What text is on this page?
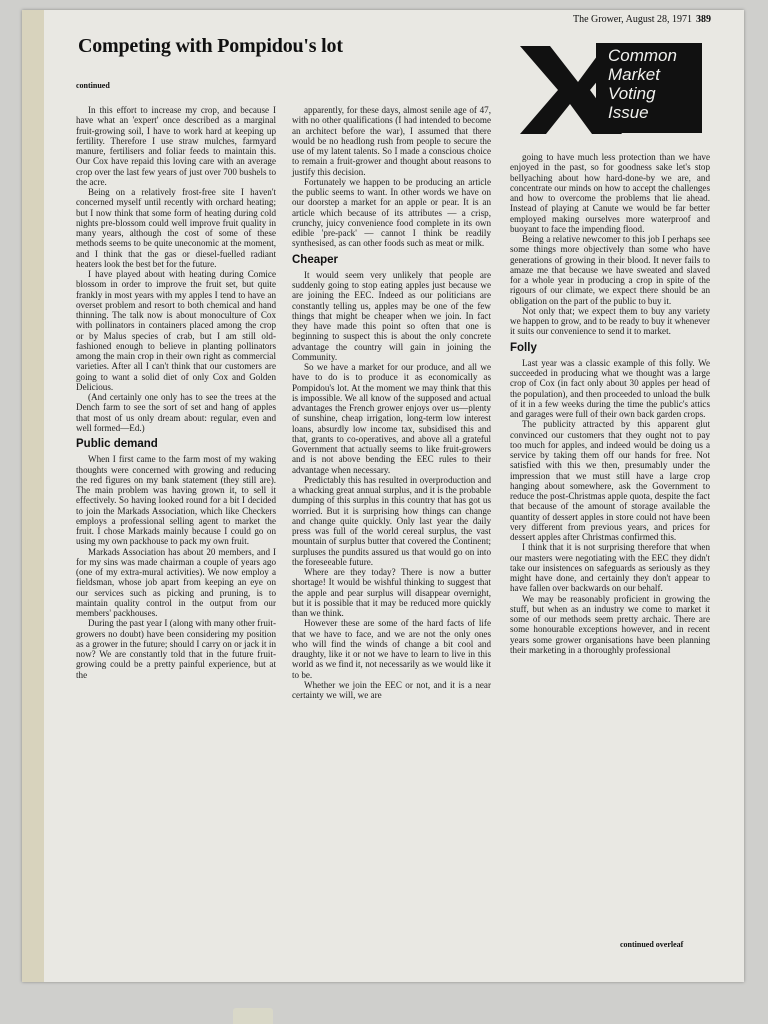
The Grower, August 28, 1971 389
Competing with Pompidou's lot
continued
Common
Market
Voting
Issue

In this effort to increase my crop, and because I have what an 'expert' once described as a marginal fruit-growing soil, I have to work hard at keeping up fertility. Therefore I use straw mulches, farmyard manure, fertilisers and foliar feeds to maintain this. Our Cox have repaid this loving care with an average crop over the last few years of just over 700 bushels to the acre.

Being on a relatively frost-free site I haven't concerned myself until recently with orchard heating; but I now think that some form of heating during cold nights pre-blossom could well improve fruit quality in many years, although the cost of some of these methods seems to be quite uneconomic at the moment, and I think that the gas or diesel-fuelled radiant heaters look the best bet for the future.

I have played about with heating during Comice blossom in order to improve the fruit set, but quite frankly in most years with my apples I tend to have an overset problem and resort to both chemical and hand thinning. The talk now is about monoculture of Cox with pollinators in containers placed among the crop or by Malus species of crab, but I am still old-fashioned enough to believe in planting pollinators among the main crop in their own right as commercial varieties. After all I can't think that our customers are going to want a solid diet of only Cox and Golden Delicious.

(And certainly one only has to see the trees at the Dench farm to see the sort of set and hang of apples that most of us only dream about: regular, even and well formed—Ed.)

Public demand

When I first came to the farm most of my waking thoughts were concerned with growing and reducing the red figures on my bank statement (they still are). The main problem was having grown it, to sell it effectively. So having looked round for a bit I decided to join the Markads Association, which like Checkers employs a professional selling agent to market the fruit. I chose Markads mainly because I could go on using my own packhouse to pack my own fruit.

Markads Association has about 20 members, and I for my sins was made chairman a couple of years ago (one of my extra-mural activities). We now employ a fieldsman, whose job apart from keeping an eye on our services such as picking and pruning, is to maintain quality control in the output from our members' packhouses.

During the past year I (along with many other fruit-growers no doubt) have been considering my position as a grower in the future; should I carry on or jack it in now? We are constantly told that in the future fruit-growing could be a pretty painful experience, but at the

apparently, for these days, almost senile age of 47, with no other qualifications (I had intended to become an architect before the war), I assumed that there would be no headlong rush from people to secure the use of my latent talents. So I made a conscious choice to remain a fruit-grower and thought about reasons to justify this decision.

Fortunately we happen to be producing an article the public seems to want. In other words we have on our doorstep a market for an apple or pear. It is an article which because of its attributes — a crisp, crunchy, juicy convenience food complete in its own edible 'pre-pack' — cannot I think be readily synthesised, as can other foods such as meat or milk.

Cheaper

It would seem very unlikely that people are suddenly going to stop eating apples just because we are joining the EEC. Indeed as our politicians are constantly telling us, apples may be one of the few things that might be cheaper when we join. In fact they have made this point so often that one is beginning to suspect this is about the only concrete advantage the country will gain in joining the Community.

So we have a market for our produce, and all we have to do is to produce it as economically as Pompidou's lot. At the moment we may think that this is impossible. We all know of the supposed and actual advantages the French grower enjoys over us—plenty of sunshine, cheap irrigation, long-term low interest loans, absurdly low income tax, subsidised this and that, grants to co-operatives, and above all a grateful Government that actually seems to like fruit-growers and is not above bending the EEC rules to their advantage when necessary.

Predictably this has resulted in overproduction and a whacking great annual surplus, and it is the probable dumping of this surplus in this country that has got us worried. But it is surprising how things can change and change quite quickly. Only last year the daily press was full of the world cereal surplus, the vast mountain of surplus butter that covered the Continent; surpluses the pundits assured us that would go on into the foreseeable future.

Where are they today? There is now a butter shortage! It would be wishful thinking to suggest that the apple and pear surplus will disappear overnight, but it is possible that it may be reduced more quickly than we think.

However these are some of the hard facts of life that we have to face, and we are not the only ones who will find the winds of change a bit cool and draughty, like it or not we have to learn to live in this world as we find it, not necessarily as we would like it to be.

Whether we join the EEC or not, and it is a near certainty we will, we are

going to have much less protection than we have enjoyed in the past, so for goodness sake let's stop bellyaching about how hard-done-by we are, and concentrate our minds on how to accept the challenges and how to overcome the problems that lie ahead. Instead of playing at Canute we would be far better employed making ourselves more waterproof and buoyant to face the impending flood.

Being a relative newcomer to this job I perhaps see some things more objectively than some who have generations of growing in their blood. It never fails to amaze me that because we have sweated and slaved for a whole year in producing a crop in spite of the rigours of our climate, we expect there should be an obligation on the part of the public to buy it.

Not only that; we expect them to buy any variety we happen to grow, and to be ready to buy it whenever it suits our convenience to send it to market.

Folly

Last year was a classic example of this folly. We succeeded in producing what we thought was a large crop of Cox (in fact only about 30 apples per head of the population), and then proceeded to unload the bulk of it in a few weeks during the time the public's attics and garages were full of their own back garden crops.

The publicity attracted by this apparent glut convinced our customers that they ought not to pay too much for apples, and indeed would be doing us a service by taking them off our hands for free. Not satisfied with this we then, presumably under the impression that we must still have a large crop hanging about somewhere, ask the Government to reduce the post-Christmas apple quota, despite the fact that because of the amount of storage available the quantity of dessert apples in store could not have been very different from previous years, and prices for dessert apples after Christmas confirmed this.

I think that it is not surprising therefore that when our masters were negotiating with the EEC they didn't take our insistences on safeguards as seriously as they might have done, and certainly they don't appear to have fallen over backwards on our behalf.

We may be reasonably proficient in growing the stuff, but when as an industry we come to market it some of our methods seem pretty archaic. There are some honourable exceptions however, and in recent years some grower organisations have been planning their marketing in a thoroughly professional

continued overleaf
